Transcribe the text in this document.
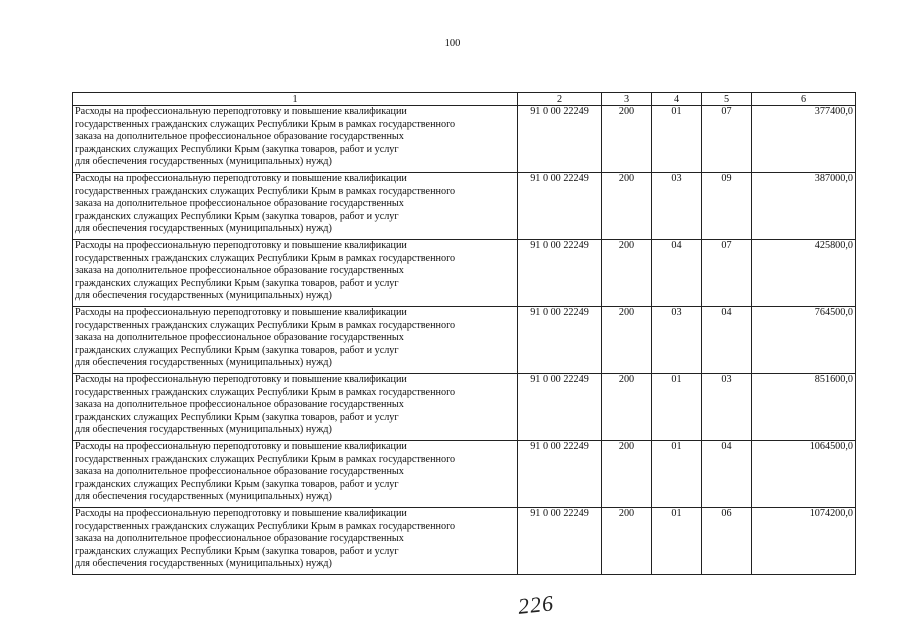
100
1	2	3	4	5	6
Расходы на профессиональную переподготовку и повышение квалификации
государственных гражданских служащих Республики Крым в рамках государственного
заказа на дополнительное профессиональное образование государственных
гражданских служащих Республики Крым (закупка товаров, работ и услуг
для обеспечения государственных (муниципальных) нужд)	91 0 00 22249	200	01	07	377400,0
Расходы на профессиональную переподготовку и повышение квалификации
государственных гражданских служащих Республики Крым в рамках государственного
заказа на дополнительное профессиональное образование государственных
гражданских служащих Республики Крым (закупка товаров, работ и услуг
для обеспечения государственных (муниципальных) нужд)	91 0 00 22249	200	03	09	387000,0
Расходы на профессиональную переподготовку и повышение квалификации
государственных гражданских служащих Республики Крым в рамках государственного
заказа на дополнительное профессиональное образование государственных
гражданских служащих Республики Крым (закупка товаров, работ и услуг
для обеспечения государственных (муниципальных) нужд)	91 0 00 22249	200	04	07	425800,0
Расходы на профессиональную переподготовку и повышение квалификации
государственных гражданских служащих Республики Крым в рамках государственного
заказа на дополнительное профессиональное образование государственных
гражданских служащих Республики Крым (закупка товаров, работ и услуг
для обеспечения государственных (муниципальных) нужд)	91 0 00 22249	200	03	04	764500,0
Расходы на профессиональную переподготовку и повышение квалификации
государственных гражданских служащих Республики Крым в рамках государственного
заказа на дополнительное профессиональное образование государственных
гражданских служащих Республики Крым (закупка товаров, работ и услуг
для обеспечения государственных (муниципальных) нужд)	91 0 00 22249	200	01	03	851600,0
Расходы на профессиональную переподготовку и повышение квалификации
государственных гражданских служащих Республики Крым в рамках государственного
заказа на дополнительное профессиональное образование государственных
гражданских служащих Республики Крым (закупка товаров, работ и услуг
для обеспечения государственных (муниципальных) нужд)	91 0 00 22249	200	01	04	1064500,0
Расходы на профессиональную переподготовку и повышение квалификации
государственных гражданских служащих Республики Крым в рамках государственного
заказа на дополнительное профессиональное образование государственных
гражданских служащих Республики Крым (закупка товаров, работ и услуг
для обеспечения государственных (муниципальных) нужд)	91 0 00 22249	200	01	06	1074200,0
226
